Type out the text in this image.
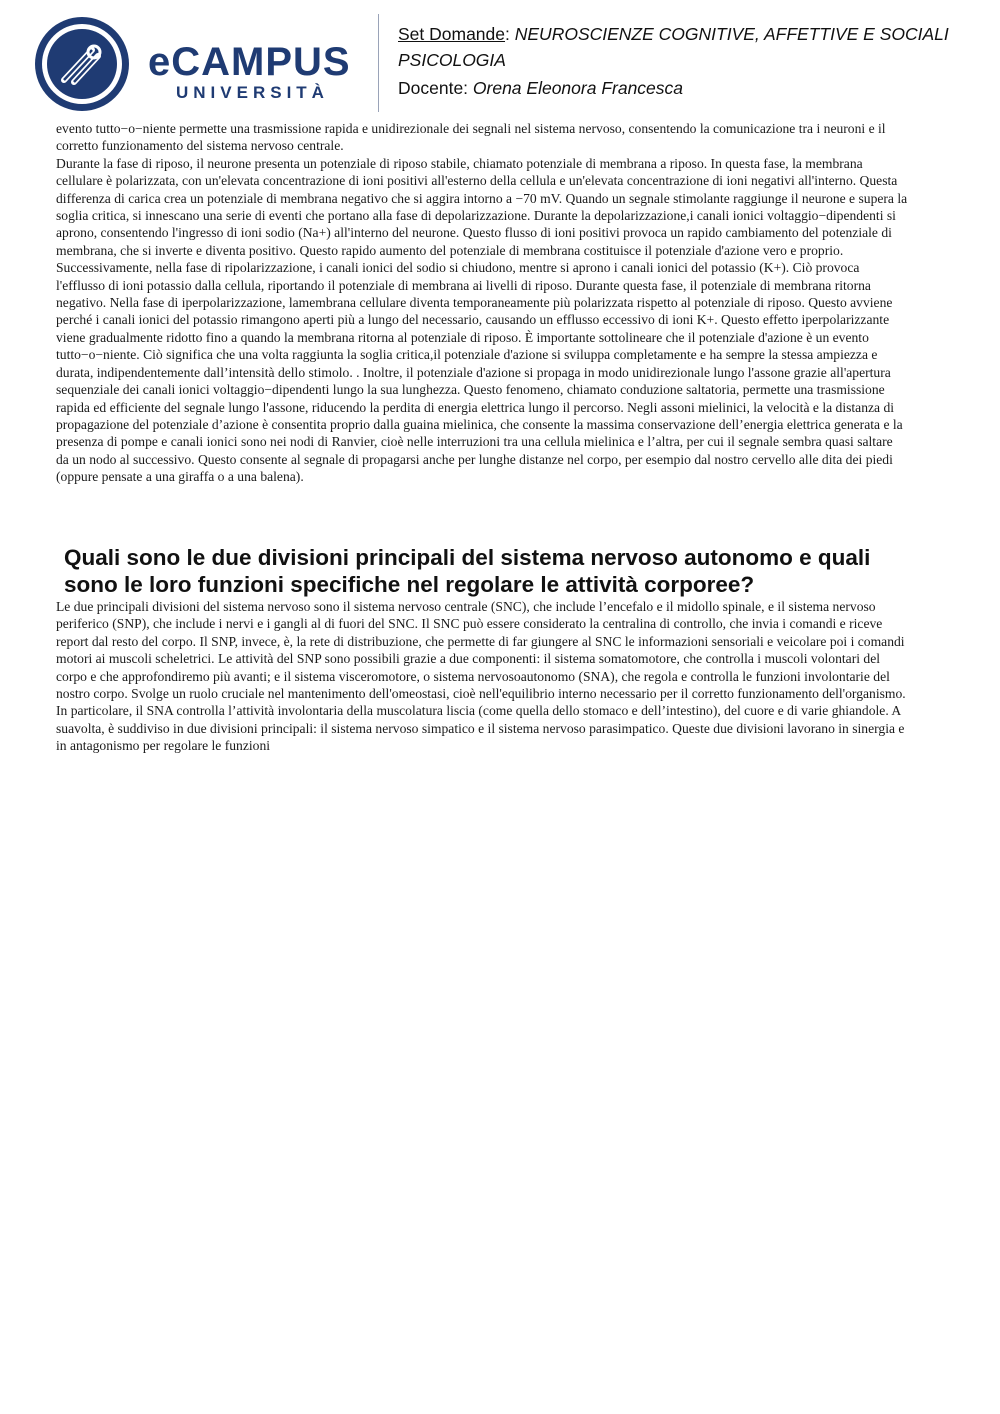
eCAMPUS
UNIVERSITÀ
Set Domande: NEUROSCIENZE COGNITIVE, AFFETTIVE E SOCIALI
PSICOLOGIA
Docente: Orena Eleonora Francesca

evento tutto−o−niente permette una trasmissione rapida e unidirezionale dei segnali nel sistema nervoso, consentendo la comunicazione tra i neuroni e il corretto funzionamento del sistema nervoso centrale.

Durante la fase di riposo, il neurone presenta un potenziale di riposo stabile, chiamato potenziale di membrana a riposo. In questa fase, la membrana cellulare è polarizzata, con un'elevata concentrazione di ioni positivi all'esterno della cellula e un'elevata concentrazione di ioni negativi all'interno. Questa differenza di carica crea un potenziale di membrana negativo che si aggira intorno a −70 mV. Quando un segnale stimolante raggiunge il neurone e supera la soglia critica, si innescano una serie di eventi che portano alla fase di depolarizzazione. Durante la depolarizzazione,i canali ionici voltaggio−dipendenti si aprono, consentendo l'ingresso di ioni sodio (Na+) all'interno del neurone. Questo flusso di ioni positivi provoca un rapido cambiamento del potenziale di membrana, che si inverte e diventa positivo. Questo rapido aumento del potenziale di membrana costituisce il potenziale d'azione vero e proprio. Successivamente, nella fase di ripolarizzazione, i canali ionici del sodio si chiudono, mentre si aprono i canali ionici del potassio (K+). Ciò provoca l'efflusso di ioni potassio dalla cellula, riportando il potenziale di membrana ai livelli di riposo. Durante questa fase, il potenziale di membrana ritorna negativo. Nella fase di iperpolarizzazione, lamembrana cellulare diventa temporaneamente più polarizzata rispetto al potenziale di riposo. Questo avviene perché i canali ionici del potassio rimangono aperti più a lungo del necessario, causando un efflusso eccessivo di ioni K+. Questo effetto iperpolarizzante viene gradualmente ridotto fino a quando la membrana ritorna al potenziale di riposo. È importante sottolineare che il potenziale d'azione è un evento tutto−o−niente. Ciò significa che una volta raggiunta la soglia critica,il potenziale d'azione si sviluppa completamente e ha sempre la stessa ampiezza e durata, indipendentemente dall’intensità dello stimolo. . Inoltre, il potenziale d'azione si propaga in modo unidirezionale lungo l'assone grazie all'apertura sequenziale dei canali ionici voltaggio−dipendenti lungo la sua lunghezza. Questo fenomeno, chiamato conduzione saltatoria, permette una trasmissione rapida ed efficiente del segnale lungo l'assone, riducendo la perdita di energia elettrica lungo il percorso. Negli assoni mielinici, la velocità e la distanza di propagazione del potenziale d’azione è consentita proprio dalla guaina mielinica, che consente la massima conservazione dell’energia elettrica generata e la presenza di pompe e canali ionici sono nei nodi di Ranvier, cioè nelle interruzioni tra una cellula mielinica e l’altra, per cui il segnale sembra quasi saltare da un nodo al successivo. Questo consente al segnale di propagarsi anche per lunghe distanze nel corpo, per esempio dal nostro cervello alle dita dei piedi (oppure pensate a una giraffa o a una balena).

Quali sono le due divisioni principali del sistema nervoso autonomo e quali sono le loro funzioni specifiche nel regolare le attività corporee?

Le due principali divisioni del sistema nervoso sono il sistema nervoso centrale (SNC), che include l’encefalo e il midollo spinale, e il sistema nervoso periferico (SNP), che include i nervi e i gangli al di fuori del SNC. Il SNC può essere considerato la centralina di controllo, che invia i comandi e riceve report dal resto del corpo. Il SNP, invece, è, la rete di distribuzione, che permette di far giungere al SNC le informazioni sensoriali e veicolare poi i comandi motori ai muscoli scheletrici. Le attività del SNP sono possibili grazie a due componenti: il sistema somatomotore, che controlla i muscoli volontari del corpo e che approfondiremo più avanti; e il sistema visceromotore, o sistema nervosoautonomo (SNA), che regola e controlla le funzioni involontarie del nostro corpo. Svolge un ruolo cruciale nel mantenimento dell'omeostasi, cioè nell'equilibrio interno necessario per il corretto funzionamento dell'organismo. In particolare, il SNA controlla l’attività involontaria della muscolatura liscia (come quella dello stomaco e dell’intestino), del cuore e di varie ghiandole. A suavolta, è suddiviso in due divisioni principali: il sistema nervoso simpatico e il sistema nervoso parasimpatico. Queste due divisioni lavorano in sinergia e in antagonismo per regolare le funzioni
